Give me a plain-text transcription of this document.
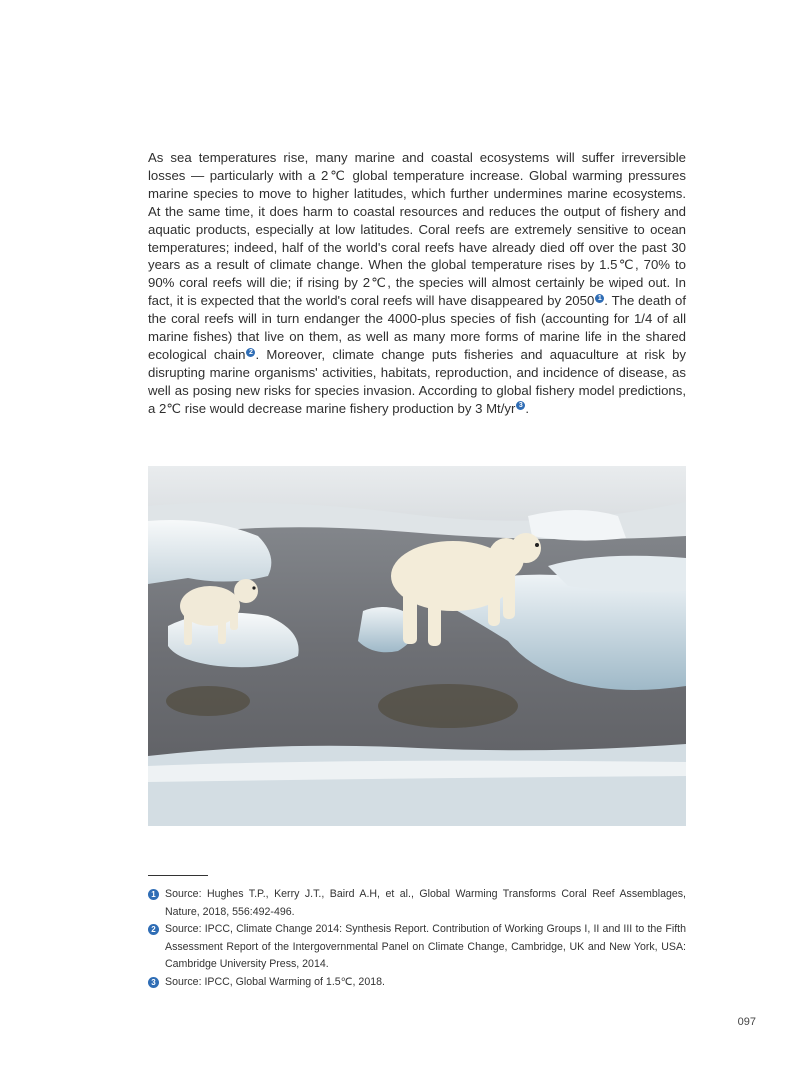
As sea temperatures rise, many marine and coastal ecosystems will suffer irreversible losses — particularly with a 2℃ global temperature increase. Global warming pressures marine species to move to higher latitudes, which further undermines marine ecosystems. At the same time, it does harm to coastal resources and reduces the output of fishery and aquatic products, especially at low latitudes. Coral reefs are extremely sensitive to ocean temperatures; indeed, half of the world's coral reefs have already died off over the past 30 years as a result of climate change. When the global temperature rises by 1.5℃, 70% to 90% coral reefs will die; if rising by 2℃, the species will almost certainly be wiped out. In fact, it is expected that the world's coral reefs will have disappeared by 2050 1 . The death of the coral reefs will in turn endanger the 4000-plus species of fish (accounting for 1/4 of all marine fishes) that live on them, as well as many more forms of marine life in the shared ecological chain 2 . Moreover, climate change puts fisheries and aquaculture at risk by disrupting marine organisms' activities, habitats, reproduction, and incidence of disease, as well as posing new risks for species invasion. According to global fishery model predictions, a 2℃ rise would decrease marine fishery production by 3 Mt/yr 3 .

1 Source: Hughes T.P., Kerry J.T., Baird A.H, et al., Global Warming Transforms Coral Reef Assemblages, Nature, 2018, 556:492-496.
2 Source: IPCC, Climate Change 2014: Synthesis Report. Contribution of Working Groups I, II and III to the Fifth Assessment Report of the Intergovernmental Panel on Climate Change, Cambridge, UK and New York, USA: Cambridge University Press, 2014.
3 Source: IPCC, Global Warming of 1.5℃, 2018.
097
